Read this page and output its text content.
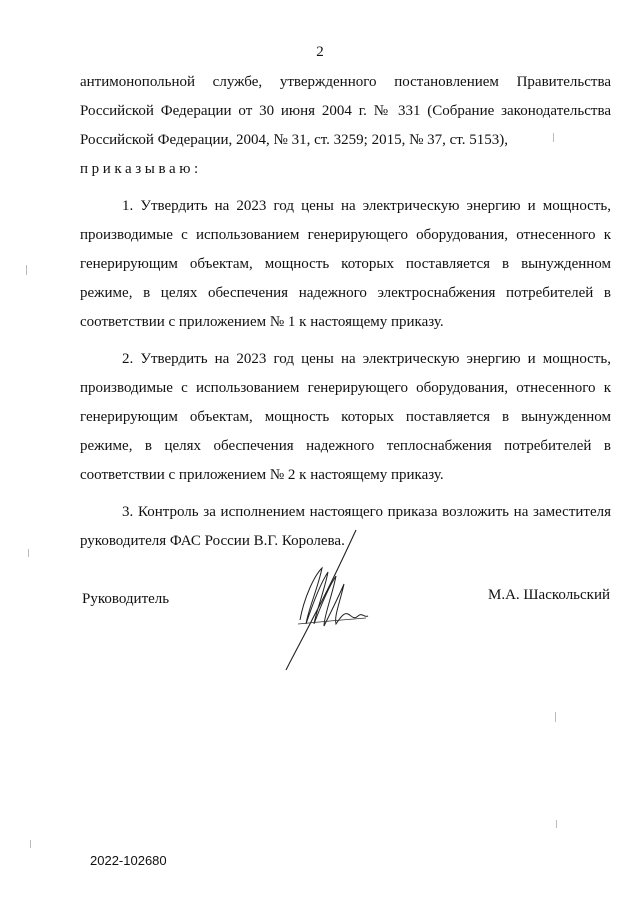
2

антимонопольной службе, утвержденного постановлением Правительства Российской Федерации от 30 июня 2004 г. № 331 (Собрание законодательства Российской Федерации, 2004, № 31, ст. 3259; 2015, № 37, ст. 5153),

приказываю:

1. Утвердить на 2023 год цены на электрическую энергию и мощность, производимые с использованием генерирующего оборудования, отнесенного к генерирующим объектам, мощность которых поставляется в вынужденном режиме, в целях обеспечения надежного электроснабжения потребителей в соответствии с приложением № 1 к настоящему приказу.

2. Утвердить на 2023 год цены на электрическую энергию и мощность, производимые с использованием генерирующего оборудования, отнесенного к генерирующим объектам, мощность которых поставляется в вынужденном режиме, в целях обеспечения надежного теплоснабжения потребителей в соответствии с приложением № 2 к настоящему приказу.

3. Контроль за исполнением настоящего приказа возложить на заместителя руководителя ФАС России В.Г. Королева.

Руководитель	М.А. Шаскольский
2022-102680
